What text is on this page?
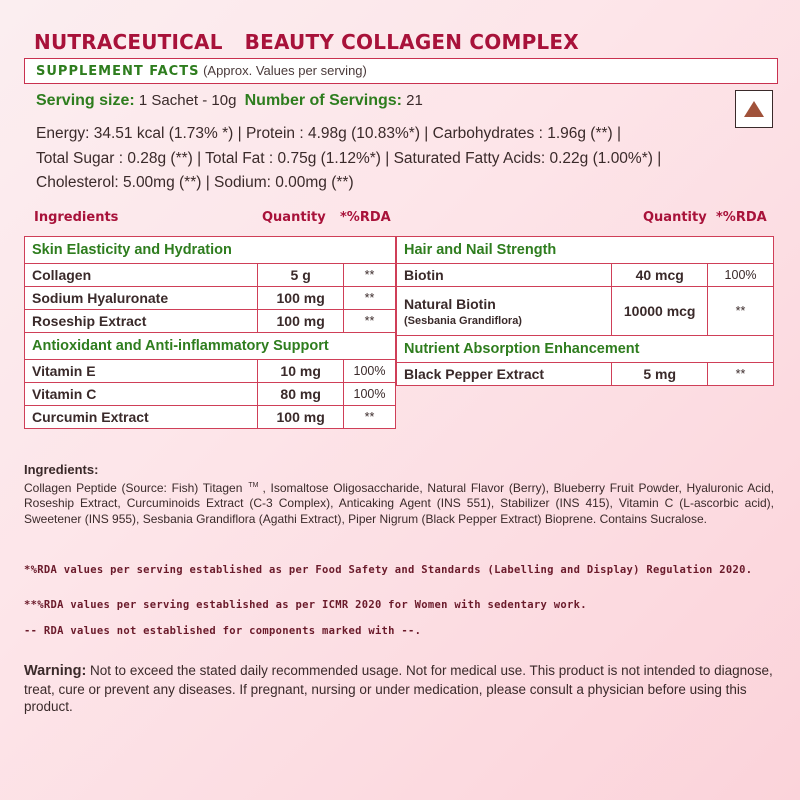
NUTRACEUTICAL BEAUTY COLLAGEN COMPLEX
SUPPLEMENT FACTS (Approx. Values per serving)
Serving size: 1 Sachet - 10g Number of Servings: 21
Energy: 34.51 kcal (1.73% *) | Protein : 4.98g (10.83%*) | Carbohydrates : 1.96g (**) |
Total Sugar : 0.28g (**) | Total Fat : 0.75g (1.12%*) | Saturated Fatty Acids: 0.22g (1.00%*) |
Cholesterol: 5.00mg (**) | Sodium: 0.00mg (**)
Ingredients	Quantity *%RDA	Quantity *%RDA
Skin Elasticity and Hydration		
Collagen	5 g	**
Sodium Hyaluronate	100 mg	**
Roseship Extract	100 mg	**
Antioxidant and Anti-inflammatory Support		
Vitamin E	10 mg	100%
Vitamin C	80 mg	100%
Curcumin Extract	100 mg	**
Hair and Nail Strength		
Biotin	40 mcg	100%
Natural Biotin
(Sesbania Grandiflora)	10000 mcg	**
Nutrient Absorption Enhancement		
Black Pepper Extract	5 mg	**
Ingredients:
Collagen Peptide (Source: Fish) Titagen ™ , Isomaltose Oligosaccharide, Natural Flavor (Berry), Blueberry Fruit Powder, Hyaluronic Acid, Roseship Extract, Curcuminoids Extract (C-3 Complex), Anticaking Agent (INS 551), Stabilizer (INS 415), Vitamin C (L-ascorbic acid), Sweetener (INS 955), Sesbania Grandiflora (Agathi Extract), Piper Nigrum (Black Pepper Extract) Bioprene. Contains Sucralose.
*%RDA values per serving established as per Food Safety and Standards (Labelling and Display) Regulation 2020.
**%RDA values per serving established as per ICMR 2020 for Women with sedentary work.
-- RDA values not established for components marked with --.
Warning: Not to exceed the stated daily recommended usage. Not for medical use. This product is not intended to diagnose, treat, cure or prevent any diseases. If pregnant, nursing or under medication, please consult a physician before using this product.
